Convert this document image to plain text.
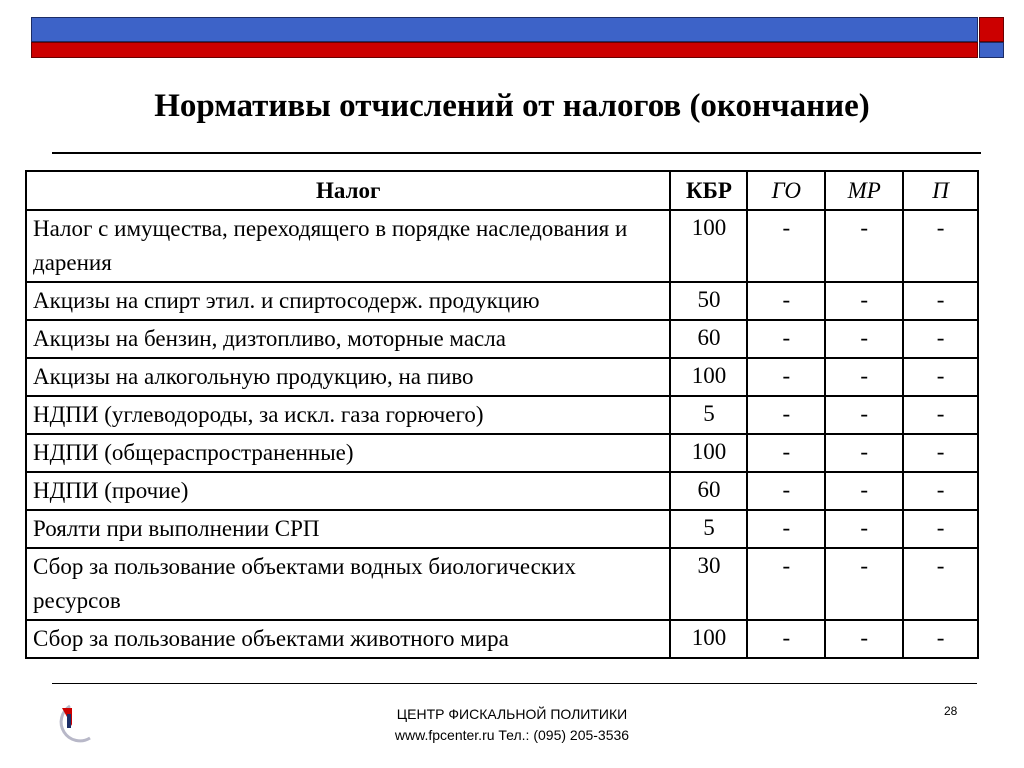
Нормативы отчислений от налогов (окончание)
Налог	КБР	ГО	МР	П
Налог с имущества, переходящего в порядке наследования и дарения	100	-	-	-
Акцизы на спирт этил. и спиртосодерж. продукцию	50	-	-	-
Акцизы на бензин, дизтопливо, моторные масла	60	-	-	-
Акцизы на алкогольную продукцию, на пиво	100	-	-	-
НДПИ (углеводороды, за искл. газа горючего)	5	-	-	-
НДПИ (общераспространенные)	100	-	-	-
НДПИ (прочие)	60	-	-	-
Роялти при выполнении СРП	5	-	-	-
Сбор за пользование объектами водных биологических ресурсов	30	-	-	-
Сбор за пользование объектами животного мира	100	-	-	-
ЦЕНТР ФИСКАЛЬНОЙ ПОЛИТИКИ
www.fpcenter.ru Тел.: (095) 205-3536
28
